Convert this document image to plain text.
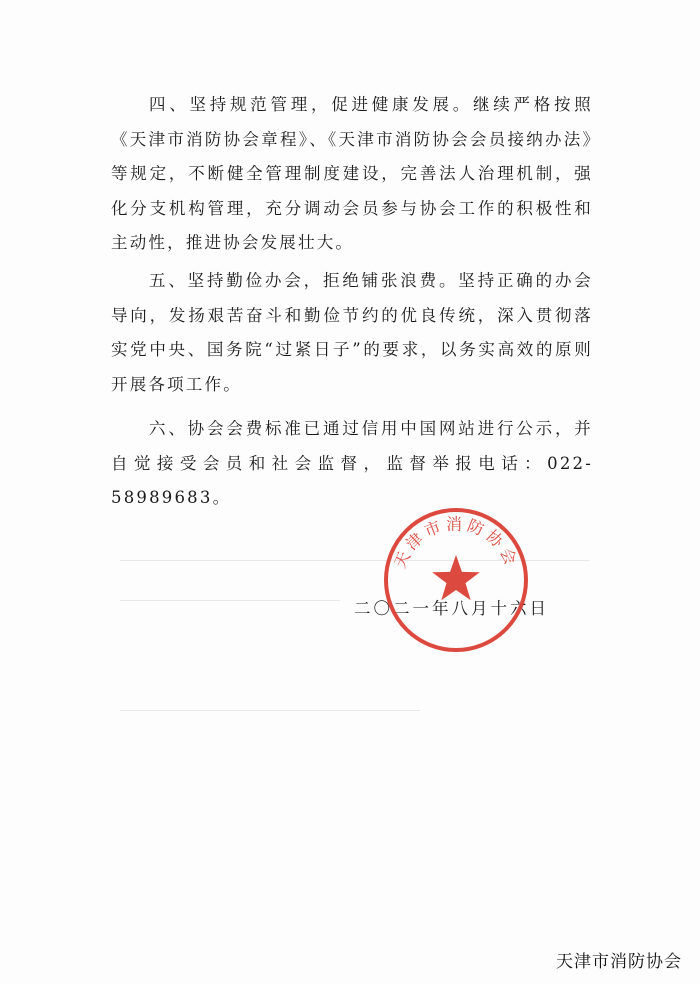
四、坚持规范管理，促进健康发展。继续严格按照《天津市消防协会章程》、《天津市消防协会会员接纳办法》等规定，不断健全管理制度建设，完善法人治理机制，强化分支机构管理，充分调动会员参与协会工作的积极性和主动性，推进协会发展壮大。

五、坚持勤俭办会，拒绝铺张浪费。坚持正确的办会导向，发扬艰苦奋斗和勤俭节约的优良传统，深入贯彻落实党中央、国务院“过紧日子”的要求，以务实高效的原则开展各项工作。

六、协会会费标准已通过信用中国网站进行公示，并自觉接受会员和社会监督，监督举报电话：022-58989683。

二〇二一年八月十六日
天津市消防协会
天津市消防协会
